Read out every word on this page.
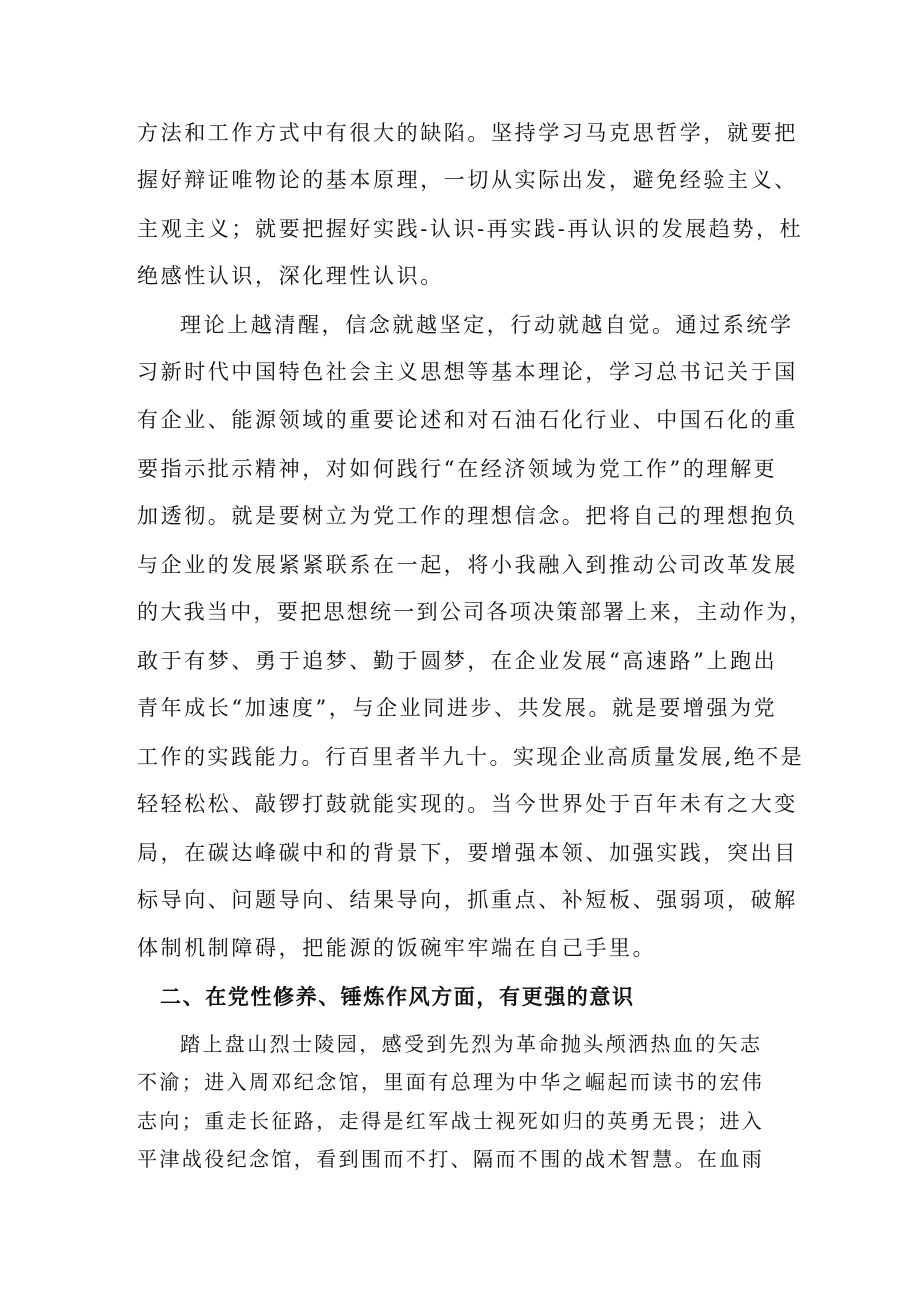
方法和工作方式中有很大的缺陷。坚持学习马克思哲学，就要把
握好辩证唯物论的基本原理，一切从实际出发，避免经验主义、
主观主义；就要把握好实践-认识-再实践-再认识的发展趋势，杜
绝感性认识，深化理性认识。
理论上越清醒，信念就越坚定，行动就越自觉。通过系统学
习新时代中国特色社会主义思想等基本理论，学习总书记关于国
有企业、能源领域的重要论述和对石油石化行业、中国石化的重
要指示批示精神，对如何践行“在经济领域为党工作”的理解更
加透彻。就是要树立为党工作的理想信念。把将自己的理想抱负
与企业的发展紧紧联系在一起，将小我融入到推动公司改革发展
的大我当中，要把思想统一到公司各项决策部署上来，主动作为，
敢于有梦、勇于追梦、勤于圆梦，在企业发展“高速路”上跑出
青年成长“加速度”，与企业同进步、共发展。就是要增强为党
工作的实践能力。行百里者半九十。实现企业高质量发展,绝不是
轻轻松松、敲锣打鼓就能实现的。当今世界处于百年未有之大变
局，在碳达峰碳中和的背景下，要增强本领、加强实践，突出目
标导向、问题导向、结果导向，抓重点、补短板、强弱项，破解
体制机制障碍，把能源的饭碗牢牢端在自己手里。
二、在党性修养、锤炼作风方面，有更强的意识
踏上盘山烈士陵园，感受到先烈为革命抛头颅洒热血的矢志
不渝；进入周邓纪念馆，里面有总理为中华之崛起而读书的宏伟
志向；重走长征路，走得是红军战士视死如归的英勇无畏；进入
平津战役纪念馆，看到围而不打、隔而不围的战术智慧。在血雨
